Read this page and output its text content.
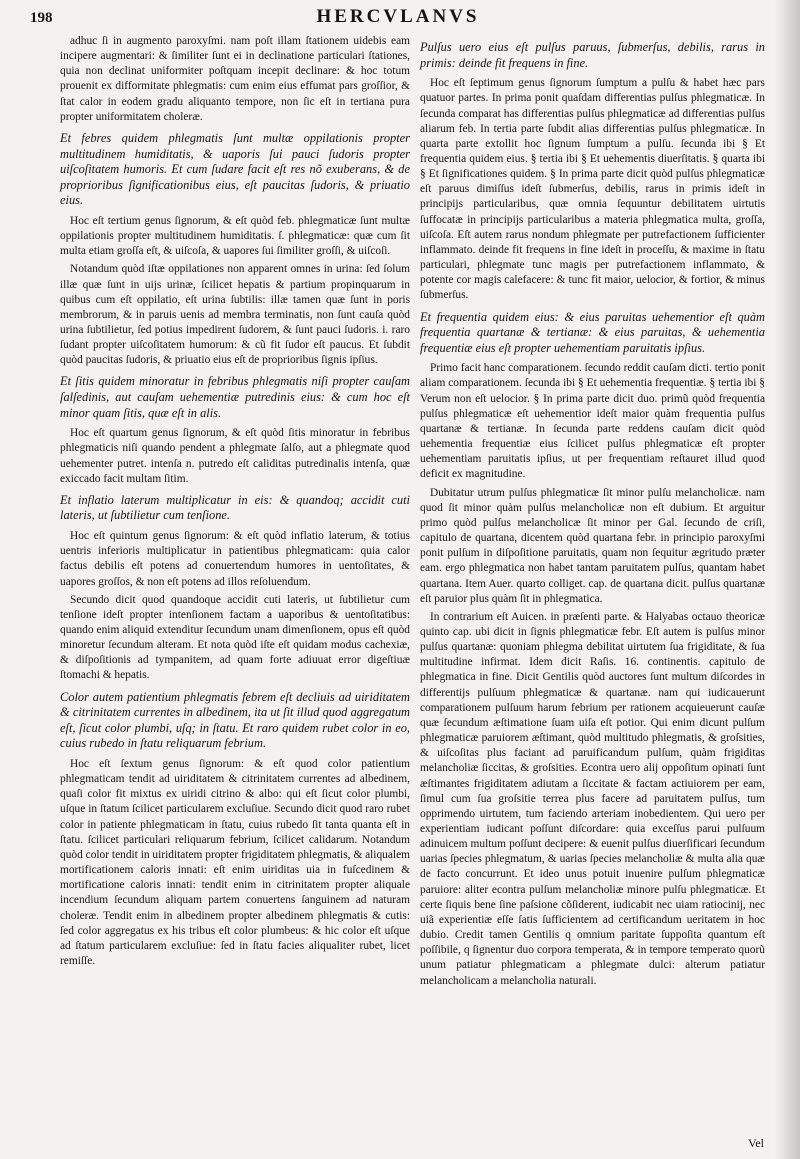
198	HERCVLANVS

adhuc ſi in augmento paroxyſmi. nam poſt illam ſtationem uidebis eam incipere augmentari: & ſimiliter ſunt ei in declinatione particulari ſtationes, quia non declinat uniformiter poſtquam incepit declinare: & hoc totum prouenit ex difformitate phlegmatis: cum enim eius effumat pars groſſior, & ſtat calor in eodem gradu aliquanto tempore, non ſic eſt in tertiana pura propter uniformitatem choleræ.

Et febres quidem phlegmatis ſunt multæ oppilationis propter multitudinem humiditatis, & uaporis ſui pauci ſudoris propter uiſcoſitatem humoris. Et cum ſudare facit eſt res nõ exuberans, & de proprioribus ſignificationibus eius, eſt paucitas ſudoris, & priuatio eius.

Hoc eſt tertium genus ſignorum, & eſt quòd feb. phlegmaticæ ſunt multæ oppilationis propter multitudinem humiditatis. ſ. phlegmaticæ: quæ cum ſit multa etiam groſſa eſt, & uiſcoſa, & uapores ſui ſimiliter groſſi, & uiſcoſi.

Notandum quòd iſtæ oppilationes non apparent omnes in urina: ſed ſolum illæ quæ ſunt in uijs urinæ, ſcilicet hepatis & partium propinquarum in quibus cum eſt oppilatio, eſt urina ſubtilis: illæ tamen quæ ſunt in poris membrorum, & in paruis uenis ad membra terminatis, non ſunt cauſa quòd urina ſubtilietur, ſed potius impedirent ſudorem, & ſunt pauci ſudoris. i. raro ſudant propter uiſcoſitatem humorum: & cũ fit ſudor eſt paucus. Et ſubdit quòd paucitas ſudoris, & priuatio eius eſt de proprioribus ſignis ipſius.

Et ſitis quidem minoratur in febribus phlegmatis niſi propter cauſam ſalſedinis, aut cauſam uehementiæ putredinis eius: & cum hoc eſt minor quam ſitis, quæ eſt in alis.

Hoc eſt quartum genus ſignorum, & eſt quòd ſitis minoratur in febribus phlegmaticis niſi quando pendent a phlegmate ſalſo, aut a phlegmate quod uehementer putret. intenſa n. putredo eſt caliditas putredinalis intenſa, quæ exiccado facit multam ſitim.

Et inflatio laterum multiplicatur in eis: & quandoq; accidit cuti lateris, ut ſubtilietur cum tenſione.

Hoc eſt quintum genus ſignorum: & eſt quòd inflatio laterum, & totius uentris inferioris multiplicatur in patientibus phlegmaticam: quia calor factus debilis eſt potens ad conuertendum humores in uentoſitates, & uapores groſſos, & non eſt potens ad illos reſoluendum.

Secundo dicit quod quandoque accidit cuti lateris, ut ſubtilietur cum tenſione ideſt propter intenſionem factam a uaporibus & uentoſitatibus: quando enim aliquid extenditur ſecundum unam dimenſionem, opus eſt quòd minoretur ſecundum alteram. Et nota quòd iſte eſt quidam modus cachexiæ, & diſpoſitionis ad tympanitem, ad quam forte adiuuat error digeſtiuæ ſtomachi & hepatis.

Color autem patientium phlegmatis febrem eſt decliuis ad uiriditatem & citrinitatem currentes in albedinem, ita ut ſit illud quod aggregatum eſt, ſicut color plumbi, uſq; in ſtatu. Et raro quidem rubet color in eo, cuius rubedo in ſtatu reliquarum febrium.

Hoc eſt ſextum genus ſignorum: & eſt quod color patientium phlegmaticam tendit ad uiriditatem & citrinitatem currentes ad albedinem, quaſi color fit mixtus ex uiridi citrino & albo: qui eſt ſicut color plumbi, uſque in ſtatum ſcilicet particularem excluſiue. Secundo dicit quod raro rubet color in patiente phlegmaticam in ſtatu, cuius rubedo ſit tanta quanta eſt in ſtatu. ſcilicet particulari reliquarum febrium, ſcilicet calidarum. Notandum quòd color tendit in uiriditatem propter frigiditatem phlegmatis, & aliqualem mortificationem caloris innati: eſt enim uiriditas uia in fuſcedinem & mortificatione caloris innati: tendit enim in citrinitatem propter aliquale incendium ſecundum aliquam partem conuertens ſanguinem ad naturam choleræ. Tendit enim in albedinem propter albedinem phlegmatis & cutis: ſed color aggregatus ex his tribus eſt color plumbeus: & hic color eſt uſque ad ſtatum particularem excluſiue: ſed in ſtatu facies aliqualiter rubet, licet remiſſe.

Pulſus uero eius eſt pulſus paruus, ſubmerſus, debilis, rarus in primis: deinde fit frequens in fine.

Hoc eſt ſeptimum genus ſignorum ſumptum a pulſu & habet hæc pars quatuor partes. In prima ponit quaſdam differentias pulſus phlegmaticæ. In ſecunda comparat has differentias pulſus phlegmaticæ ad differentias pulſus aliarum feb. In tertia parte ſubdit alias differentias pulſus phlegmaticæ. In quarta parte extollit hoc ſignum ſumptum a pulſu. ſecunda ibi § Et frequentia quidem eius. § tertia ibi § Et uehementis diuerſitatis. § quarta ibi § Et ſignificationes quidem. § In prima parte dicit quòd pulſus phlegmaticæ eſt paruus dimiſſus ideſt ſubmerſus, debilis, rarus in primis ideſt in principijs particularibus, quæ omnia ſequuntur debilitatem uirtutis ſuffocatæ in principijs particularibus a materia phlegmatica multa, groſſa, uiſcoſa. Eſt autem rarus nondum phlegmate per putrefactionem ſufficienter inflammato. deinde fit frequens in fine ideſt in proceſſu, & maxime in ſtatu particulari, phlegmate tunc magis per putrefactionem inflammato, & potente cor magis calefacere: & tunc fit maior, uelocior, & fortior, & minus ſubmerſus.

Et frequentia quidem eius: & eius paruitas uehementior eſt quàm frequentia quartanæ & tertianæ: & eius paruitas, & uehementia frequentiæ eius eſt propter uehementiam paruitatis ipſius.

Primo facit hanc comparationem. ſecundo reddit cauſam dicti. tertio ponit aliam comparationem. ſecunda ibi § Et uehementia frequentiæ. § tertia ibi § Verum non eſt uelocior. § In prima parte dicit duo. primũ quòd frequentia pulſus phlegmaticæ eſt uehementior ideſt maior quàm frequentia pulſus quartanæ & tertianæ. In ſecunda parte reddens cauſam dicit quòd uehementia frequentiæ eius ſcilicet pulſus phlegmaticæ eſt propter uehementiam paruitatis ipſius, ut per frequentiam reſtauret illud quod deficit ex magnitudine.

Dubitatur utrum pulſus phlegmaticæ ſit minor pulſu melancholicæ. nam quod ſit minor quàm pulſus melancholicæ non eſt dubium. Et arguitur primo quòd pulſus melancholicæ ſit minor per Gal. ſecundo de criſi, capitulo de quartana, dicentem quòd quartana febr. in principio paroxyſmi ponit pulſum in diſpoſitione paruitatis, quam non ſequitur ægritudo præter eam. ergo phlegmatica non habet tantam paruitatem pulſus, quantam habet quartana. Item Auer. quarto colliget. cap. de quartana dicit. pulſus quartanæ eſt paruior plus quàm ſit in phlegmatica.

In contrarium eſt Auicen. in præſenti parte. & Halyabas octauo theoricæ quinto cap. ubi dicit in ſignis phlegmaticæ febr. Eſt autem is pulſus minor pulſus quartanæ: quoniam phlegma debilitat uirtutem ſua frigiditate, & ſua multitudine infirmat. Idem dicit Raſis. 16. continentis. capitulo de phlegmatica in fine. Dicit Gentilis quòd auctores ſunt multum diſcordes in differentijs pulſuum phlegmaticæ & quartanæ. nam qui iudicauerunt comparationem pulſuum harum febrium per rationem acquieuerunt cauſæ quæ ſecundum æſtimatione ſuam uiſa eſt potior. Qui enim dicunt pulſum phlegmaticæ paruiorem æſtimant, quòd multitudo phlegmatis, & groſsities, & uiſcoſitas plus faciant ad paruificandum pulſum, quàm frigiditas melancholiæ ſiccitas, & groſsities. Econtra uero alij oppoſitum opinati ſunt æſtimantes frigiditatem adiutam a ſiccitate & factam actiuiorem per eam, ſimul cum ſua groſsitie terrea plus facere ad paruitatem pulſus, tum opprimendo uirtutem, tum faciendo arteriam inobedientem. Qui uero per experientiam iudicant poſſunt diſcordare: quia exceſſus parui pulſuum adinuicem multum poſſunt decipere: & euenit pulſus diuerſificari ſecundum uarias ſpecies phlegmatum, & uarias ſpecies melancholiæ & multa alia quæ de facto concurrunt. Et ideo unus potuit inuenire pulſum phlegmaticæ paruiore: aliter econtra pulſum melancholiæ minore pulſu phlegmaticæ. Et certe ſiquis bene ſine paſsione cõſiderent, iudicabit nec uiam ratiocinij, nec uiã experientiæ eſſe ſatis ſufficientem ad certificandum ueritatem in hoc dubio. Credit tamen Gentilis q omnium paritate ſuppoſita quantum eſt poſſibile, q ſignentur duo corpora temperata, & in tempore temperato quorũ unum patiatur phlegmaticam a phlegmate dulci: alterum patiatur melancholicam a melancholia naturali.

Vel
